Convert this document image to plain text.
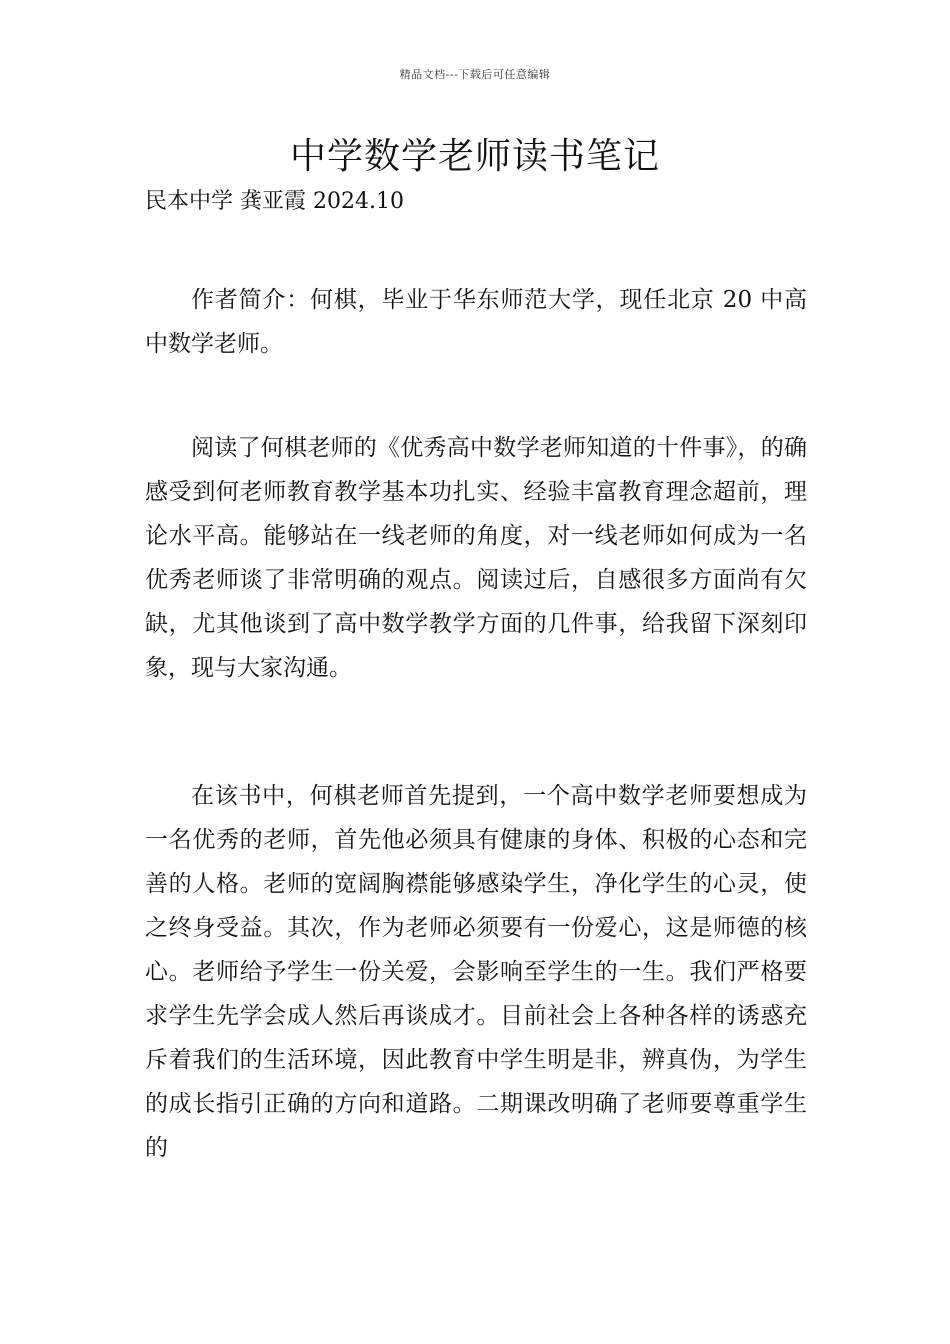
精品文档---下载后可任意编辑
中学数学老师读书笔记

民本中学 龚亚霞 2024.10

作者简介：何棋，毕业于华东师范大学，现任北京 20 中高中数学老师。

阅读了何棋老师的《优秀高中数学老师知道的十件事》，的确感受到何老师教育教学基本功扎实、经验丰富教育理念超前，理论水平高。能够站在一线老师的角度，对一线老师如何成为一名优秀老师谈了非常明确的观点。阅读过后，自感很多方面尚有欠缺，尤其他谈到了高中数学教学方面的几件事，给我留下深刻印象，现与大家沟通。

在该书中，何棋老师首先提到，一个高中数学老师要想成为一名优秀的老师，首先他必须具有健康的身体、积极的心态和完善的人格。老师的宽阔胸襟能够感染学生，净化学生的心灵，使之终身受益。其次，作为老师必须要有一份爱心，这是师德的核心。老师给予学生一份关爱，会影响至学生的一生。我们严格要求学生先学会成人然后再谈成才。目前社会上各种各样的诱惑充斥着我们的生活环境，因此教育中学生明是非，辨真伪，为学生的成长指引正确的方向和道路。二期课改明确了老师要尊重学生的
